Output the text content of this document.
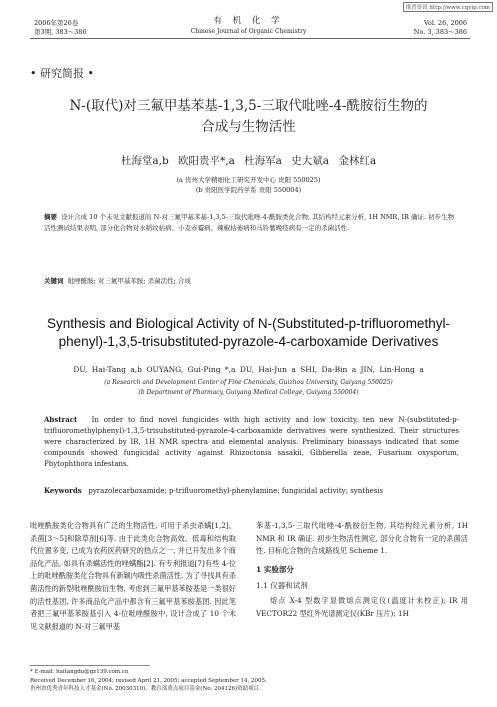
维普资讯 http://www.cqvip.com
2006年第26卷
第3期, 383～386
有 机 化 学
Chinese Journal of Organic Chemistry
Vol. 26, 2006
No. 3, 383～386
• 研究简报 •
N-(取代)对三氟甲基苯基-1,3,5-三取代吡唑-4-酰胺衍生物的
合成与生物活性
杜海堂a,b 欧阳贵平*,a 杜海军a 史大斌a 金林红a
(a 贵州大学精细化工研究开发中心 贵阳 550025)
(b 贵阳医学院药学系 贵阳 550004)
摘要 设计合成 10 个未见文献报道的 N-对三氟甲基苯基-1,3,5-三取代吡唑-4-酰胺类化合物, 其结构经元素分析, 1H NMR, IR 确证. 初步生物活性测试结果表明, 部分化合物对水稻纹枯病、小麦赤霉病、辣椒枯萎病和马铃薯晚疫病有一定的杀菌活性.
关键词 吡唑酰胺; 对三氟甲基苯胺; 杀菌活性; 合成
Synthesis and Biological Activity of N-(Substituted-p-trifluoromethyl-
phenyl)-1,3,5-trisubstituted-pyrazole-4-carboxamide Derivatives
DU, Hai-Tang a,b OUYANG, Gui-Ping *,a DU, Hai-Jun a SHI, Da-Bin a JIN, Lin-Hong a
(a Research and Development Center of Fine Chemicals, Guizhou University, Guiyang 550025)
(b Department of Pharmacy, Guiyang Medical College, Guiyang 550004)
Abstract In order to find novel fungicides with high activity and low toxicity, ten new N-(substituted-p-trifluoromethylphenyl)-1,3,5-trisubstituted-pyrazole-4-carboxamide derivatives were synthesized. Their structures were characterized by IR, 1H NMR spectra and elemental analysis. Preliminary bioassays indicated that some compounds showed fungicidal activity against Rhizoctonia sasakii, Gibberella zeae, Fusarium oxysporum, Phytophthora infestans.
Keywords pyrazolecarboxamide; p-trifluoromethyl-phenylamine; fungicidal activity; synthesis
吡唑酰胺类化合物具有广泛的生物活性, 可用于杀虫杀螨[1,2]、杀菌[3～5]和除草剂[6]等. 由于此类化合物高效、低毒和结构取代位置多变, 已成为农药医药研究的热点之一, 并已开发出多个商品化产品, 如具有杀螨活性的唑螨酯[2]. 有专利报道[7]有些 4-位上的吡唑酰胺类化合物具有新颖内吸性杀菌活性. 为了寻找具有杀菌活性的新型吡唑酰胺衍生物, 考虑到三氟甲基苯胺基是一类很好的活性基团, 许多商品化产品中都含有三氟甲基苯胺基团. 因此笔者把三氟甲基苯胺基引入 4-位吡唑酰胺中, 设计合成了 10 个未见文献报道的 N-对三氟甲基
苯基-1,3,5-三取代吡唑-4-酰胺衍生物, 其结构经元素分析, 1H NMR 和 IR 确证. 初步生物活性测定, 部分化合物有一定的杀菌活性. 目标化合物的合成路线见 Scheme 1.
1 实验部分
1.1 仪器和试剂
熔点 X-4 型数字显微熔点测定仪(温度计未校正); IR 用 VECTOR22 型红外光谱测定仪(KBr 压片); 1H
* E-mail: haitangdu@gz139.com.cn
Received December 16, 2004; revised April 21, 2005; accepted September 14, 2005.
贵州省优秀青年科技人才基金(No. 20030310)、教育部重点项目基金(No. 204126)资助项目.
